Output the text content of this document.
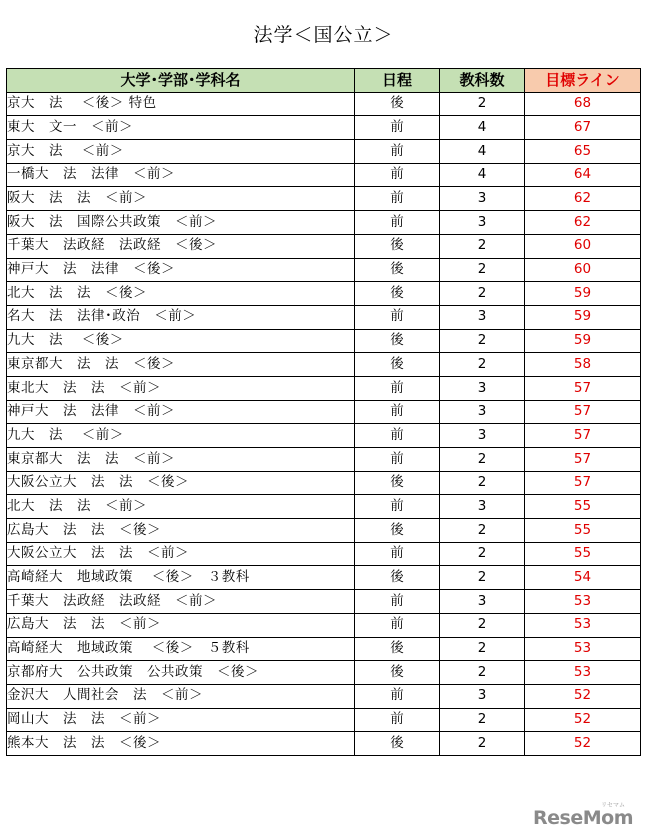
法学＜国公立＞
大学･学部･学科名	日程	教科数	目標ライン
京大　法　 ＜後＞ 特色	後	2	68
東大　文一　＜前＞	前	4	67
京大　法　 ＜前＞	前	4	65
一橋大　法　法律　＜前＞	前	4	64
阪大　法　法　＜前＞	前	3	62
阪大　法　国際公共政策　＜前＞	前	3	62
千葉大　法政経　法政経　＜後＞	後	2	60
神戸大　法　法律　＜後＞	後	2	60
北大　法　法　＜後＞	後	2	59
名大　法　法律･政治　＜前＞	前	3	59
九大　法　 ＜後＞	後	2	59
東京都大　法　法　＜後＞	後	2	58
東北大　法　法　＜前＞	前	3	57
神戸大　法　法律　＜前＞	前	3	57
九大　法　 ＜前＞	前	3	57
東京都大　法　法　＜前＞	前	2	57
大阪公立大　法　法　＜後＞	後	2	57
北大　法　法　＜前＞	前	3	55
広島大　法　法　＜後＞	後	2	55
大阪公立大　法　法　＜前＞	前	2	55
高崎経大　地域政策　 ＜後＞　３教科	後	2	54
千葉大　法政経　法政経　＜前＞	前	3	53
広島大　法　法　＜前＞	前	2	53
高崎経大　地域政策　 ＜後＞　５教科	後	2	53
京都府大　公共政策　公共政策　＜後＞	後	2	53
金沢大　人間社会　法　＜前＞	前	3	52
岡山大　法　法　＜前＞	前	2	52
熊本大　法　法　＜後＞	後	2	52
リセマム
ReseMom
